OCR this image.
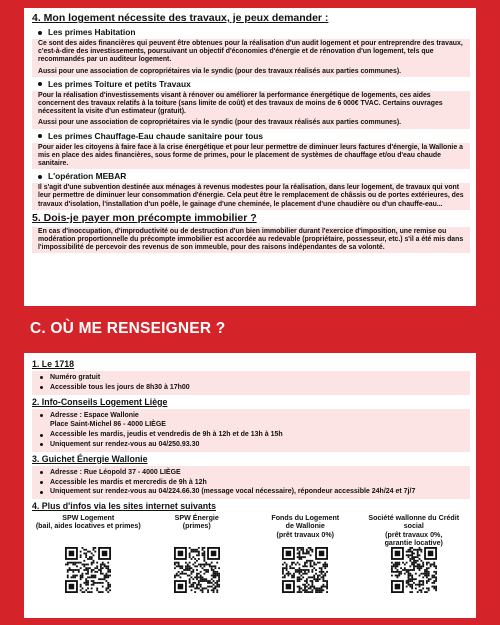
4. Mon logement nécessite des travaux, je peux demander :
Les primes Habitation

Ce sont des aides financières qui peuvent être obtenues pour la réalisation d'un audit logement et pour entreprendre des travaux, c'est-à-dire des investissements, poursuivant un objectif d'économies d'énergie et de rénovation d'un logement, tels que recommandés par un auditeur logement.

Aussi pour une association de copropriétaires via le syndic (pour des travaux réalisés aux parties communes).

Les primes Toiture et petits Travaux

Pour la réalisation d'investissements visant à rénover ou améliorer la performance énergétique de logements, ces aides concernent des travaux relatifs à la toiture (sans limite de coût) et des travaux de moins de 6 000€ TVAC. Certains ouvrages nécessitent la visite d'un estimateur (gratuit).

Aussi pour une association de copropriétaires via le syndic (pour des travaux réalisés aux parties communes).

Les primes Chauffage-Eau chaude sanitaire pour tous

Pour aider les citoyens à faire face à la crise énergétique et pour leur permettre de diminuer leurs factures d'énergie, la Wallonie a mis en place des aides financières, sous forme de primes, pour le placement de systèmes de chauffage et/ou d'eau chaude sanitaire.

L'opération MEBAR

Il s'agit d'une subvention destinée aux ménages à revenus modestes pour la réalisation, dans leur logement, de travaux qui vont leur permettre de diminuer leur consommation d'énergie. Cela peut être le remplacement de châssis ou de portes extérieures, des travaux d'isolation, l'installation d'un poêle, le gainage d'une cheminée, le placement d'une chaudière ou d'un chauffe-eau...

5. Dois-je payer mon précompte immobilier ?

En cas d'inoccupation, d'improductivité ou de destruction d'un bien immobilier durant l'exercice d'imposition, une remise ou modération proportionnelle du précompte immobilier est accordée au redevable (propriétaire, possesseur, etc.) s'il a été mis dans l'impossibilité de percevoir des revenus de son immeuble, pour des raisons indépendantes de sa volonté.

C. OÙ ME RENSEIGNER ?
1. Le 1718
Numéro gratuit
Accessible tous les jours de 8h30 à 17h00
2. Info-Conseils Logement Liège
Adresse : Espace Wallonie
Place Saint-Michel 86 - 4000 LIÈGE
Accessible les mardis, jeudis et vendredis de 9h à 12h et de 13h à 15h
Uniquement sur rendez-vous au 04/250.93.30
3. Guichet Énergie Wallonie
Adresse : Rue Léopold 37 - 4000 LIÈGE
Accessible les mardis et mercredis de 9h à 12h
Uniquement sur rendez-vous au 04/224.66.30 (message vocal nécessaire), répondeur accessible 24h/24 et 7j/7
4. Plus d'infos via les sites internet suivants
SPW Logement
(bail, aides locatives et primes)
SPW Énergie
(primes)
Fonds du Logement
de Wallonie
(prêt travaux 0%)
Société wallonne du Crédit social
(prêt travaux 0%,
garantie locative)
